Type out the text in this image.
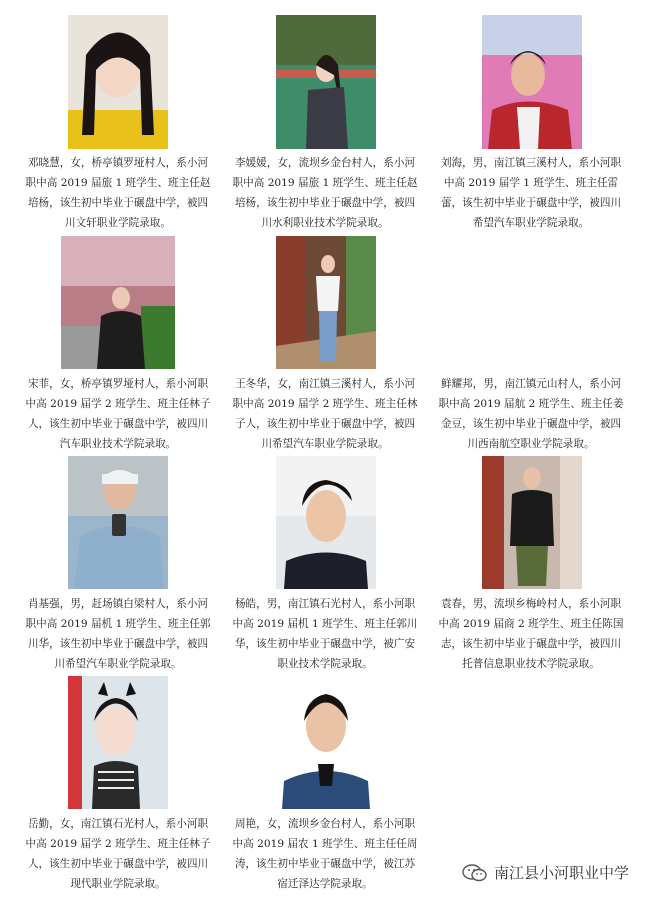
邓晓慧，女，桥亭镇罗垭村人，系小河职中高 2019 届旅 1 班学生、班主任赵培杨，该生初中毕业于碾盘中学，被四川文轩职业学院录取。
李媛媛，女，流坝乡金台村人，系小河职中高 2019 届旅 1 班学生、班主任赵培杨，该生初中毕业于碾盘中学，被四川水利职业技术学院录取。
刘海，男，南江镇三溪村人，系小河职中高 2019 届学 1 班学生、班主任雷蕾，该生初中毕业于碾盘中学，被四川希望汽车职业学院录取。
宋菲，女，桥亭镇罗垭村人，系小河职中高 2019 届学 2 班学生、班主任林子人，该生初中毕业于碾盘中学，被四川汽车职业技术学院录取。
王冬华，女，南江镇三溪村人，系小河职中高 2019 届学 2 班学生、班主任林子人，该生初中毕业于碾盘中学，被四川希望汽车职业学院录取。
鲜耀邦，男，南江镇元山村人，系小河职中高 2019 届航 2 班学生、班主任姜金豆，该生初中毕业于碾盘中学，被四川西南航空职业学院录取。
肖基强，男，赶场镇白梁村人，系小河职中高 2019 届机 1 班学生、班主任郭川华，该生初中毕业于碾盘中学，被四川希望汽车职业学院录取。
杨皓，男，南江镇石光村人，系小河职中高 2019 届机 1 班学生、班主任郭川华，该生初中毕业于碾盘中学，被广安职业技术学院录取。
袁春，男，流坝乡梅岭村人，系小河职中高 2019 届商 2 班学生、班主任陈国志，该生初中毕业于碾盘中学，被四川托普信息职业技术学院录取。
岳勤，女，南江镇石光村人，系小河职中高 2019 届学 2 班学生、班主任林子人，该生初中毕业于碾盘中学，被四川现代职业学院录取。
周艳，女，流坝乡金台村人，系小河职中高 2019 届农 1 班学生、班主任任周涛，该生初中毕业于碾盘中学，被江苏宿迁泽达学院录取。
南江县小河职业中学
